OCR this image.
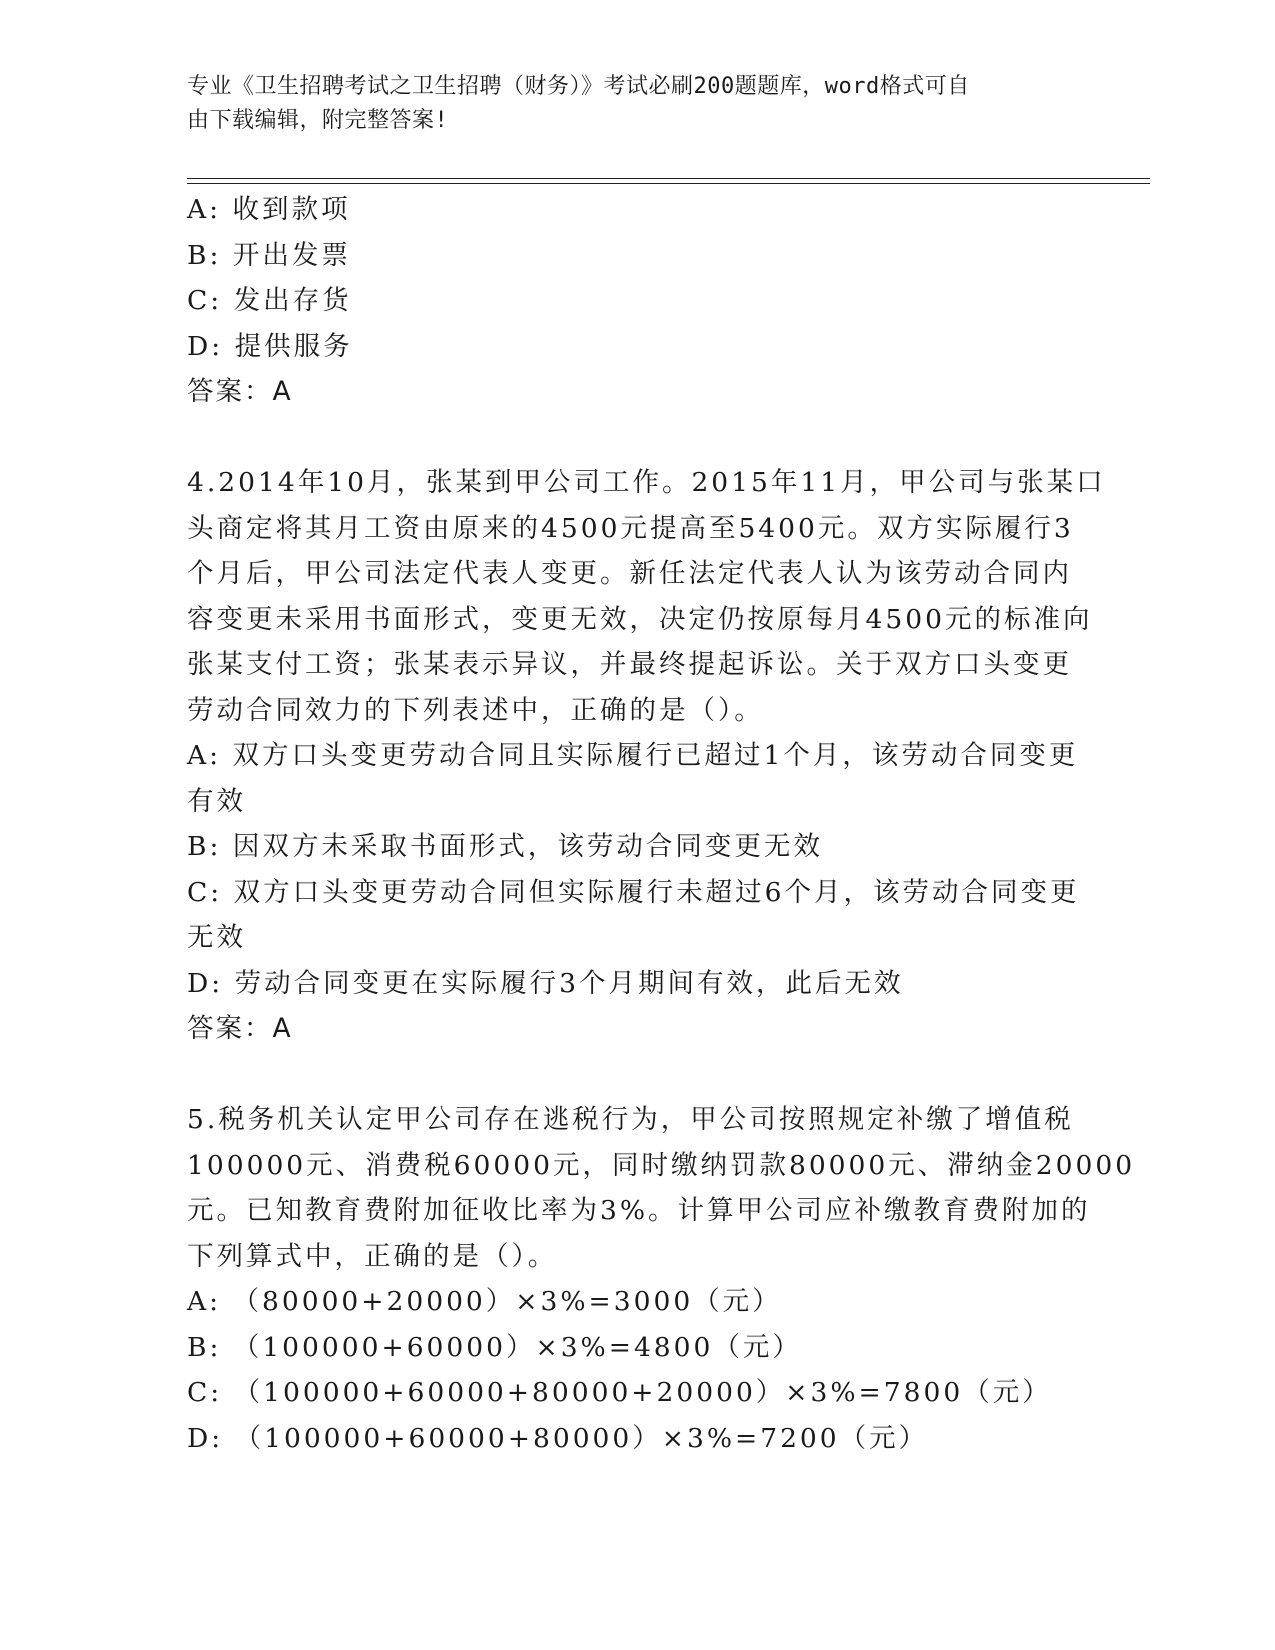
专业《卫生招聘考试之卫生招聘（财务）》考试必刷200题题库，word格式可自
由下载编辑，附完整答案!
A: 收到款项
B: 开出发票
C: 发出存货
D: 提供服务
答案：A
4.2014年10月，张某到甲公司工作。2015年11月，甲公司与张某口
头商定将其月工资由原来的4500元提高至5400元。双方实际履行3
个月后，甲公司法定代表人变更。新任法定代表人认为该劳动合同内
容变更未采用书面形式，变更无效，决定仍按原每月4500元的标准向
张某支付工资；张某表示异议，并最终提起诉讼。关于双方口头变更
劳动合同效力的下列表述中，正确的是（）。
A: 双方口头变更劳动合同且实际履行已超过1个月，该劳动合同变更
有效
B: 因双方未采取书面形式，该劳动合同变更无效
C: 双方口头变更劳动合同但实际履行未超过6个月，该劳动合同变更
无效
D: 劳动合同变更在实际履行3个月期间有效，此后无效
答案：A
5.税务机关认定甲公司存在逃税行为，甲公司按照规定补缴了增值税
100000元、消费税60000元，同时缴纳罚款80000元、滞纳金20000
元。已知教育费附加征收比率为3%。计算甲公司应补缴教育费附加的
下列算式中，正确的是（）。
A: （80000+20000）×3%=3000（元）
B: （100000+60000）×3%=4800（元）
C: （100000+60000+80000+20000）×3%=7800（元）
D: （100000+60000+80000）×3%=7200（元）
